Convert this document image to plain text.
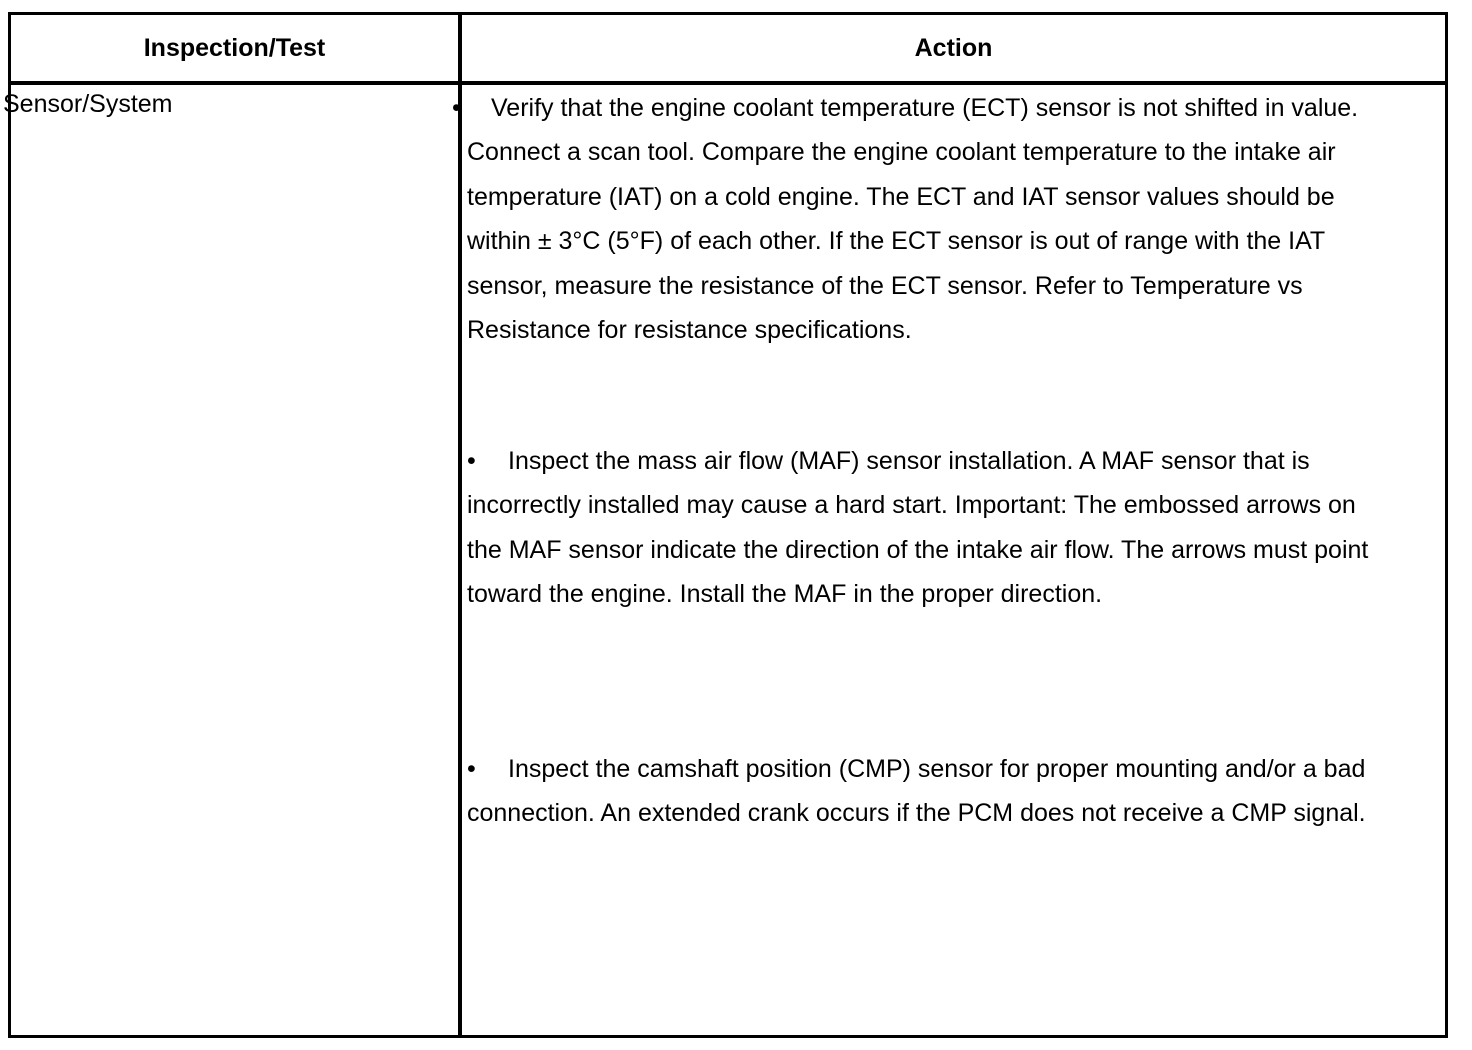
Inspection/Test	Action
Sensor/System	•	Verify that the engine coolant temperature (ECT) sensor is not shifted in value. Connect a scan tool. Compare the engine coolant temperature to the intake air temperature (IAT) on a cold engine. The ECT and IAT sensor values should be within ± 3°C (5°F) of each other. If the ECT sensor is out of range with the IAT sensor, measure the resistance of the ECT sensor. Refer to Temperature vs Resistance for resistance specifications.
•	Inspect the mass air flow (MAF) sensor installation. A MAF sensor that is incorrectly installed may cause a hard start. Important: The embossed arrows on the MAF sensor indicate the direction of the intake air flow. The arrows must point toward the engine. Install the MAF in the proper direction.
•	Inspect the camshaft position (CMP) sensor for proper mounting and/or a bad connection. An extended crank occurs if the PCM does not receive a CMP signal.
